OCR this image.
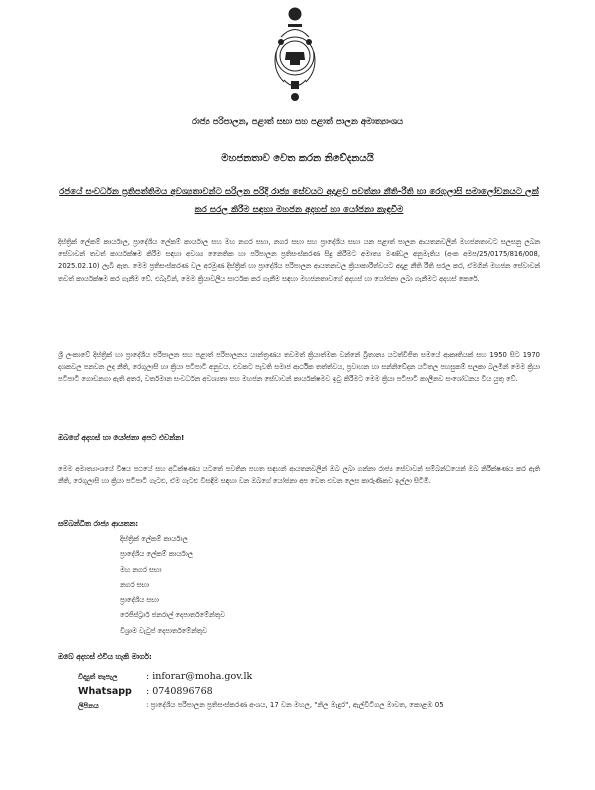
රාජ්‍ය පරිපාලන, පළාත් සභා සහ පළාත් පාලන අමාත්‍යාංශය
මහජනතාව වෙත කරන නිවේදනයයි
රජයේ සංවර්ධන ප්‍රතිපත්තිමය අවශ්‍යතාවන්ට සරිලන පරිදි රාජ්‍ය සේවයට අදාළව පවත්නා නීති-රීති හා රෙගුලාසි සමාලෝචනයට ලක් කර සරල කිරීම සඳහා මහජන අදහස් හා යෝජනා කැඳවීම
දිස්ත්‍රික් ලේකම් කාර්යාල, ප්‍රාදේශීය ලේකම් කාර්යාල සහ මහ නගර සභා, නගර සභා සහ ප්‍රාදේශීය සභා යන පළාත් පාලන ආයතනවලින් මහජනතාවට සලසනු ලබන සේවාවන් තවත් කාර්යක්ෂම කිරීම සඳහා අවශ්‍ය නෛතික හා පරිපාලන ප්‍රතිසංස්කරණ සිදු කිරීමට අමාත්‍ය මණ්ඩල අනුමැතිය (අංක අමප/25/0175/816/008, 2025.02.10) ලැබී ඇත. මෙම ප්‍රතිසංස්කරණ වල අරමුණ දිස්ත්‍රික් හා ප්‍රාදේශීය පරිපාලන ආයතනවල ක්‍රියාකාරීත්වයට අදාළ නීති රීති සරල කර, ඒමගින් මහජන සේවාවන් තවත් කාර්යක්ෂම කර ගැනීම වේ. එබැවින්, මෙම ක්‍රියාවලිය සාර්ථක කර ගැනීම සඳහා මහජනතාවගේ අදහස් හා යෝජනා ලබා ගැනීමට අදහස් කෙරේ.
ශ්‍රී ලංකාවේ දිස්ත්‍රික් හා ප්‍රාදේශීය පරිපාලන සහ පළාත් පරිපාලනය යාන්ත්‍රණය තවමත් ක්‍රියාත්මක වන්නේ බ්‍රිතාන්‍ය යටත්විජිත සමයේ ආකෘතියක් සහ 1950 සිට 1970 දශකවල පනවන ලද නීති, රෙගුලාසි හා ක්‍රියා පටිපාටි අනුවය. එවකට පැවති සමාජ ආර්ථික තත්ත්වය, ප්‍රවාහන හා සන්නිවේදන යටිතල පහසුකම් සලකා බලමින් මෙම ක්‍රියා පටිපාටි ගොඩනගා ඇති අතර, වර්තමාන සංවර්ධන අවශ්‍යතා සහ මහජන සේවාවන් කාර්යක්ෂමව ඉටු කිරීමට මෙම ක්‍රියා පටිපාටි කාලීනව සංශෝධනය විය යුතු වේ.
ඔබගේ අදහස් හා යෝජනා අපට එවන්න!
මෙම අමාත්‍යාංශයේ විෂය පථයේ සහ අධීක්ෂණය යටතේ පවතින පහත සඳහන් ආයතනවලින් ඔබ ලබා ගන්නා රාජ්‍ය සේවාවන් සම්බන්ධයෙන් ඔබ නිරීක්ෂණය කර ඇති නීති, රෙගුලාසි හා ක්‍රියා පටිපාටි ගැටළු, ඒම ගැටළු විසඳීම සඳහා වන ඔබගේ යෝජනා අප වෙත එවන ලෙස කාරුණිකව ඉල්ලා සිටිමි.
සම්බන්ධිත රාජ්‍ය ආයතන:
දිස්ත්‍රික් ලේකම් කාර්යාල
ප්‍රාදේශීය ලේකම් කාර්යාල
මහ නගර සභා
නගර සභා
ප්‍රාදේශීය සභා
රෙජිස්ට්‍රාර් ජනරාල් දෙපාර්තමේන්තුව
විශ්‍රාම වැටුප් දෙපාර්තමේන්තුව
ඔබේ අදහස් එවිය හැකි මාර්ග:
විද්‍යුත් තැපැල	: inforar@moha.gov.lk
Whatsapp	: 0740896768
ලිපිනය	: ප්‍රාදේශීය පරිපාලන ප්‍රතිසංස්කරණ අංශය, 17 වන මහල, "නිල මැදුර", ඇල්විටිගල මාවත, කොළඹ 05
